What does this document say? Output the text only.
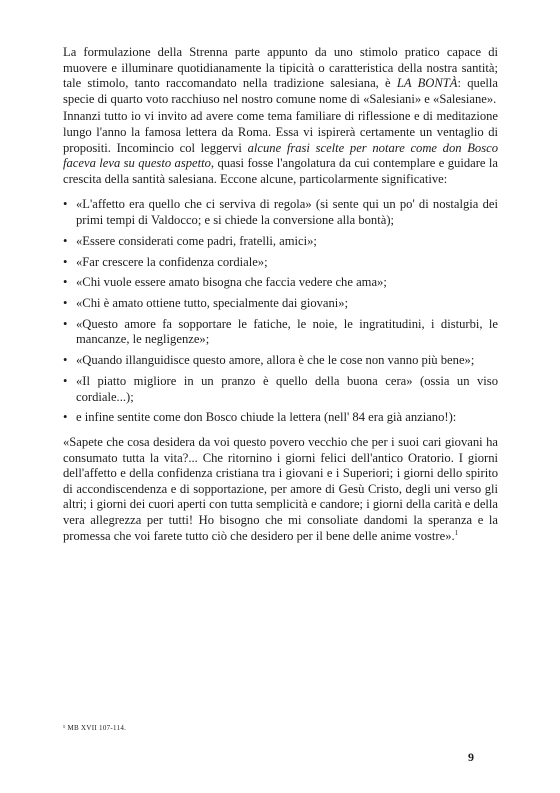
La formulazione della Strenna parte appunto da uno stimolo pratico capace di muovere e illuminare quotidianamente la tipicità o caratteristica della nostra santità; tale stimolo, tanto raccomandato nella tradizione salesiana, è LA BONTÀ: quella specie di quarto voto racchiuso nel nostro comune nome di «Salesiani» e «Salesiane».

Innanzi tutto io vi invito ad avere come tema familiare di riflessione e di meditazione lungo l'anno la famosa lettera da Roma. Essa vi ispirerà certamente un ventaglio di propositi. Incomincio col leggervi alcune frasi scelte per notare come don Bosco faceva leva su questo aspetto, quasi fosse l'angolatura da cui contemplare e guidare la crescita della santità salesiana. Eccone alcune, particolarmente significative:

• «L'affetto era quello che ci serviva di regola» (si sente qui un po' di nostalgia dei primi tempi di Valdocco; e si chiede la conversione alla bontà);
• «Essere considerati come padri, fratelli, amici»;
• «Far crescere la confidenza cordiale»;
• «Chi vuole essere amato bisogna che faccia vedere che ama»;
• «Chi è amato ottiene tutto, specialmente dai giovani»;
• «Questo amore fa sopportare le fatiche, le noie, le ingratitudini, i disturbi, le mancanze, le negligenze»;
• «Quando illanguidisce questo amore, allora è che le cose non vanno più bene»;
• «Il piatto migliore in un pranzo è quello della buona cera» (ossia un viso cordiale...);
• e infine sentite come don Bosco chiude la lettera (nell' 84 era già anziano!):

«Sapete che cosa desidera da voi questo povero vecchio che per i suoi cari giovani ha consumato tutta la vita?... Che ritornino i giorni felici dell'antico Oratorio. I giorni dell'affetto e della confidenza cristiana tra i giovani e i Superiori; i giorni dello spirito di accondiscendenza e di sopportazione, per amore di Gesù Cristo, degli uni verso gli altri; i giorni dei cuori aperti con tutta semplicità e candore; i giorni della carità e della vera allegrezza per tutti! Ho bisogno che mi consoliate dandomi la speranza e la promessa che voi farete tutto ciò che desidero per il bene delle anime vostre».$^1$

¹ MB XVII 107-114.
9
